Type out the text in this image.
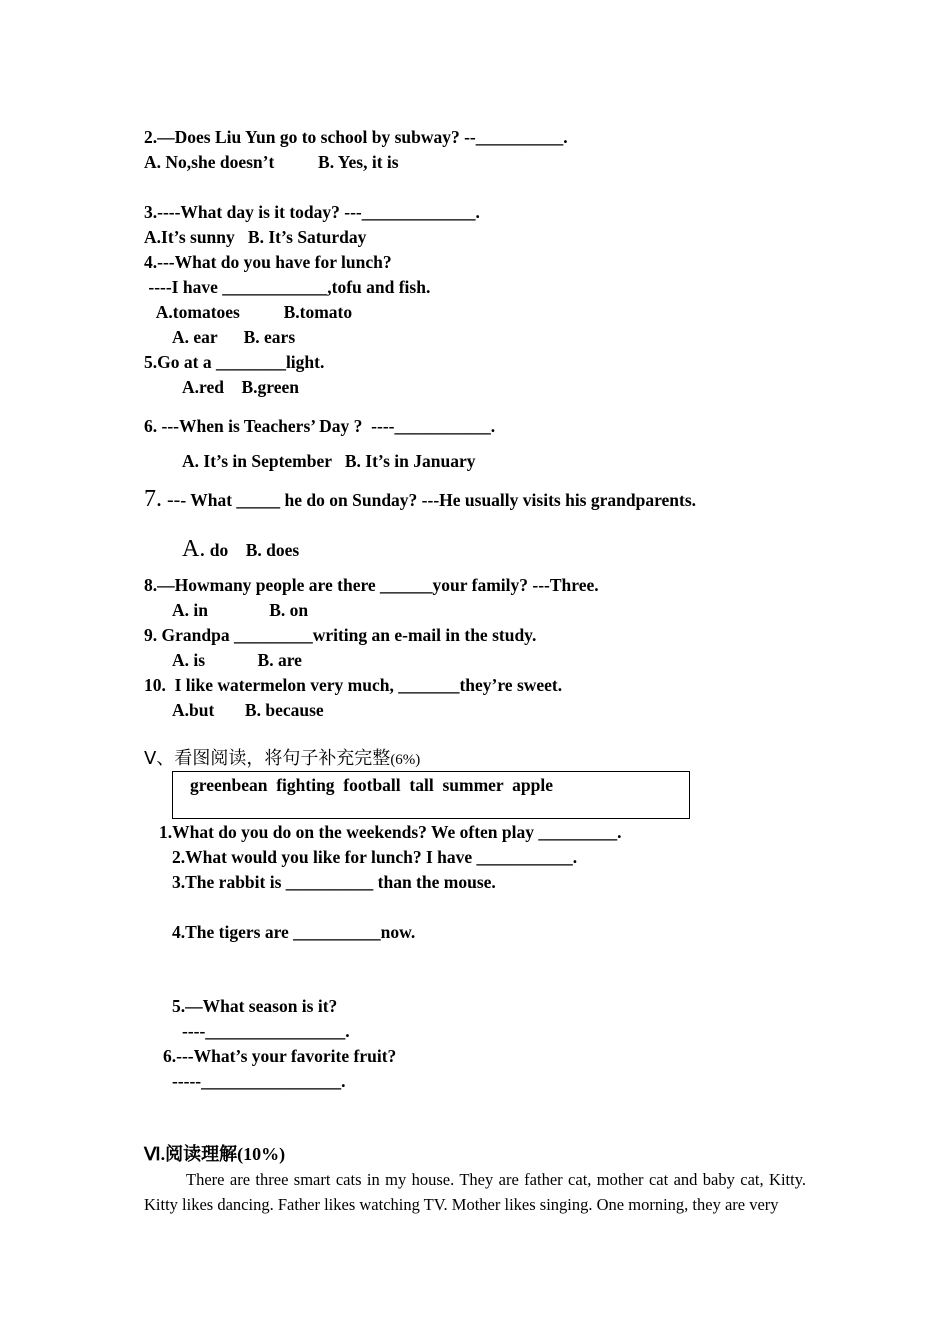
2.—Does Liu Yun go to school by subway? --__________.
A. No,she doesn’t          B. Yes, it is
3.----What day is it today? ---_____________.
A.It’s sunny   B. It’s Saturday
4.---What do you have for lunch?
----I have ____________,tofu and fish.
A.tomatoes          B.tomato
A. ear      B. ears
5.Go at a ________light.
A.red    B.green
6. ---When is Teachers’ Day ?  ----___________.
A. It’s in September   B. It’s in January
7. --- What _____ he do on Sunday? ---He usually visits his grandparents.
A. do    B. does
8.—Howmany people are there ______your family? ---Three.
A. in              B. on
9. Grandpa _________writing an e-mail in the study.
A. is            B. are
10.  I like watermelon very much, _______they’re sweet.
A.but       B. because
Ⅴ、看图阅读，将句子补充完整(6%)
greenbean  fighting  football  tall  summer  apple
1.What do you do on the weekends? We often play _________.
2.What would you like for lunch? I have ___________.
3.The rabbit is __________ than the mouse.
4.The tigers are __________now.
5.—What season is it?
----________________.
6.---What’s your favorite fruit?
-----________________.
Ⅵ.阅读理解(10%)
There are three smart cats in my house. They are father cat, mother cat and baby cat, Kitty. Kitty likes dancing. Father likes watching TV. Mother likes singing. One morning, they are very
